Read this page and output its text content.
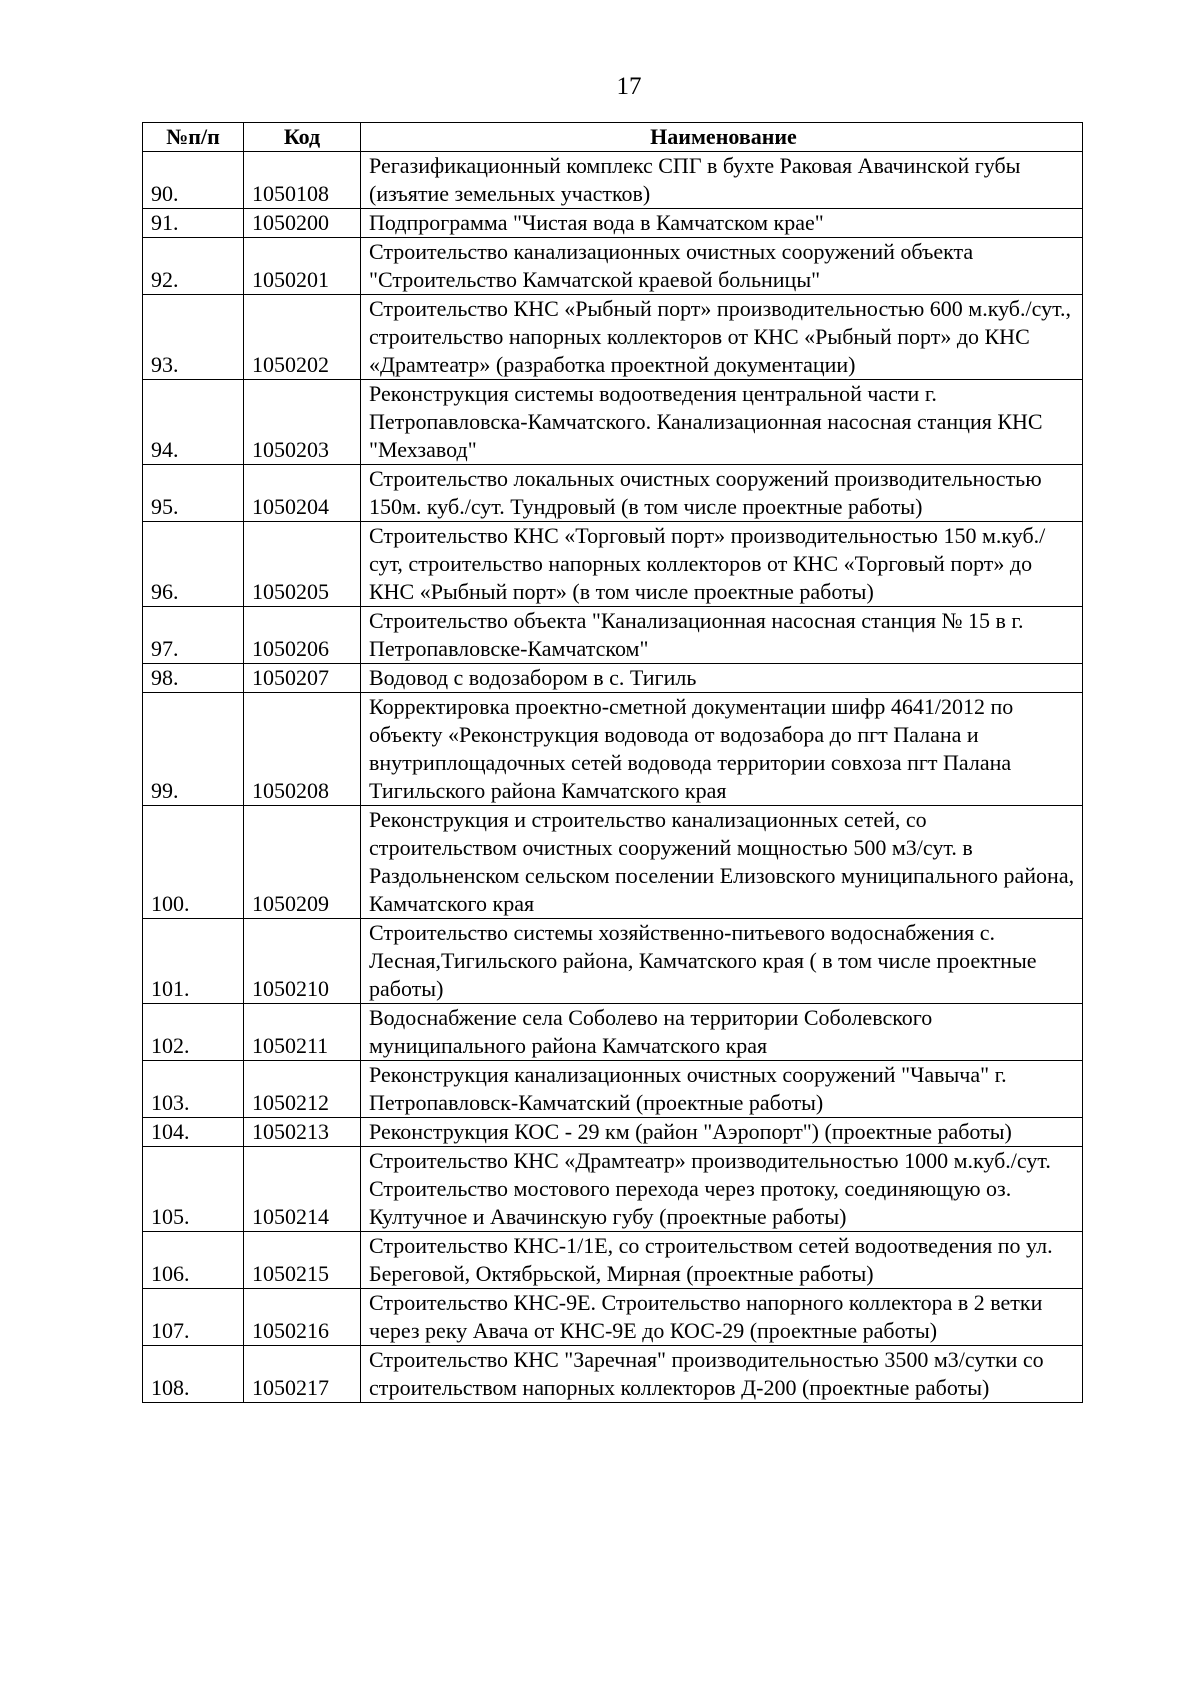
17
№п/п	Код	Наименование
90.	1050108	Регазификационный комплекс СПГ в бухте Раковая Авачинской губы (изъятие земельных участков)
91.	1050200	Подпрограмма "Чистая вода в Камчатском крае"
92.	1050201	Строительство канализационных очистных сооружений объекта "Строительство Камчатской краевой больницы"
93.	1050202	Строительство КНС «Рыбный порт» производительностью 600 м.куб./сут., строительство напорных коллекторов от КНС «Рыбный порт» до КНС «Драмтеатр» (разработка проектной документации)
94.	1050203	Реконструкция системы водоотведения центральной части г. Петропавловска-Камчатского. Канализационная насосная станция КНС "Мехзавод"
95.	1050204	Строительство локальных очистных сооружений производительностью 150м. куб./сут. Тундровый (в том числе проектные работы)
96.	1050205	Строительство КНС «Торговый порт» производительностью 150 м.куб./сут, строительство напорных коллекторов от КНС «Торговый порт» до КНС «Рыбный порт» (в том числе проектные работы)
97.	1050206	Строительство объекта "Канализационная насосная станция № 15 в г. Петропавловске-Камчатском"
98.	1050207	Водовод с водозабором в с. Тигиль
99.	1050208	Корректировка проектно-сметной документации шифр 4641/2012 по объекту «Реконструкция водовода от водозабора до пгт Палана и внутриплощадочных сетей водовода территории совхоза пгт Палана Тигильского района Камчатского края
100.	1050209	Реконструкция и строительство канализационных сетей, со строительством очистных сооружений мощностью 500 м3/сут. в Раздольненском сельском поселении Елизовского муниципального района, Камчатского края
101.	1050210	Строительство системы хозяйственно-питьевого водоснабжения с. Лесная,Тигильского района, Камчатского края ( в том числе проектные работы)
102.	1050211	Водоснабжение села Соболево на территории Соболевского муниципального района Камчатского края
103.	1050212	Реконструкция канализационных очистных сооружений "Чавыча" г. Петропавловск-Камчатский (проектные работы)
104.	1050213	Реконструкция КОС - 29 км (район "Аэропорт") (проектные работы)
105.	1050214	Строительство КНС «Драмтеатр» производительностью 1000 м.куб./сут. Строительство мостового перехода через протоку, соединяющую оз. Култучное и Авачинскую губу (проектные работы)
106.	1050215	Строительство КНС-1/1Е, со строительством сетей водоотведения по ул. Береговой, Октябрьской, Мирная (проектные работы)
107.	1050216	Строительство КНС-9Е. Строительство напорного коллектора в 2 ветки через реку Авача от КНС-9Е до КОС-29 (проектные работы)
108.	1050217	Строительство КНС "Заречная" производительностью 3500 м3/сутки со строительством напорных коллекторов Д-200 (проектные работы)
